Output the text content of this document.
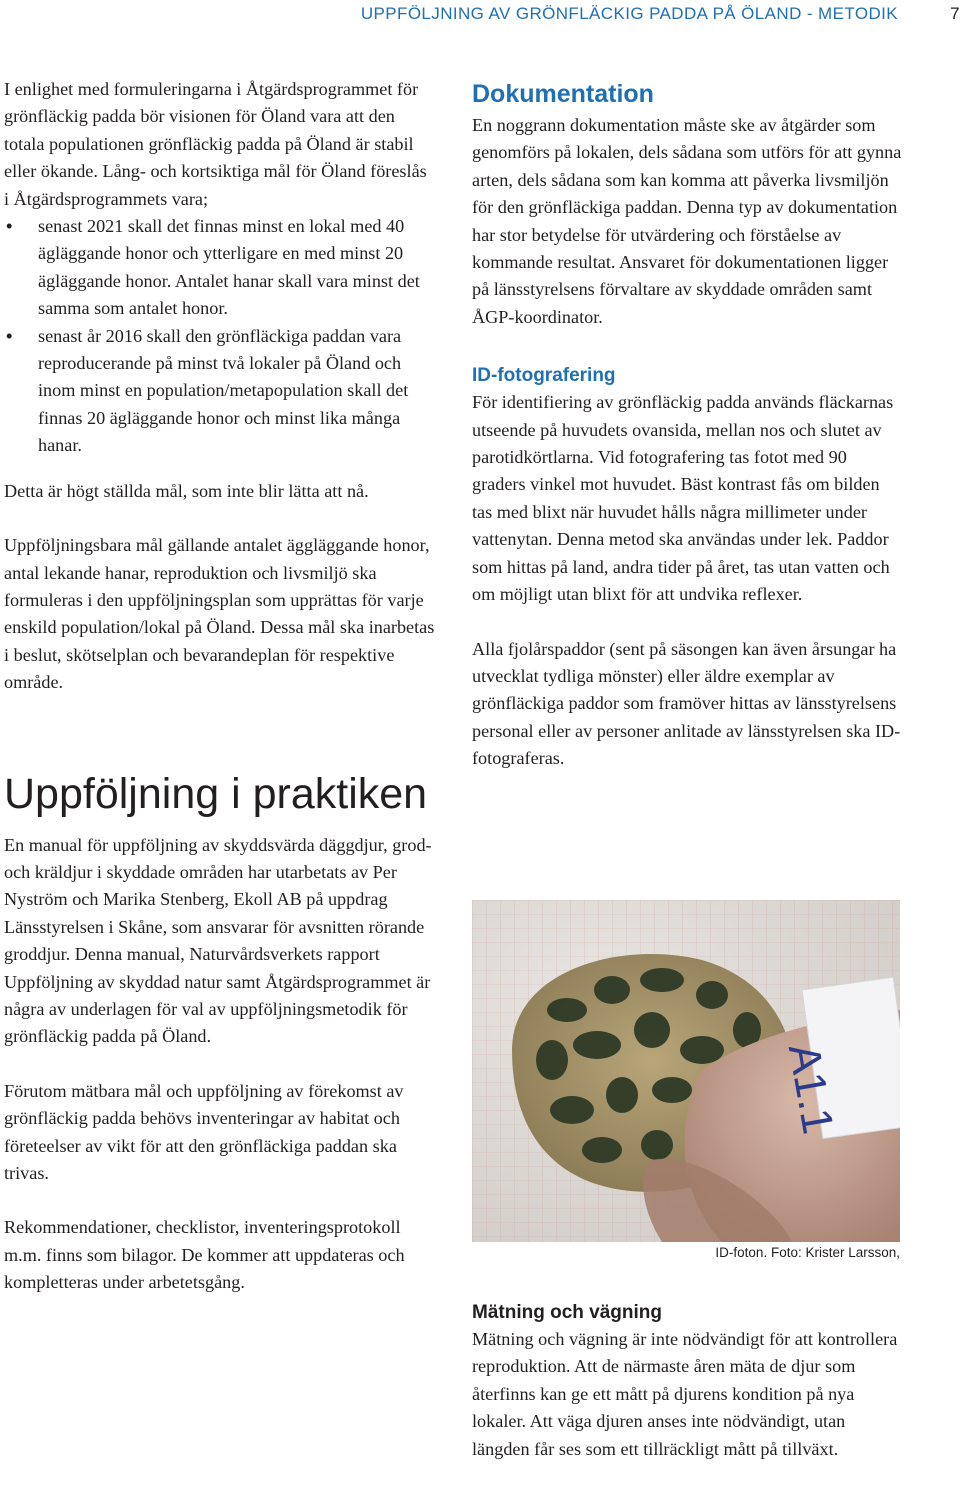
UPPFÖLJNING AV GRÖNFLÄCKIG PADDA PÅ ÖLAND - METODIK	7

I enlighet med formuleringarna i Åtgärdsprogrammet för grönfläckig padda bör visionen för Öland vara att den totala populationen grönfläckig padda på Öland är stabil eller ökande. Lång- och kortsiktiga mål för Öland föreslås i Åtgärdsprogrammets vara;

• senast 2021 skall det finnas minst en lokal med 40 ägläggande honor och ytterligare en med minst 20 ägläggande honor. Antalet hanar skall vara minst det samma som antalet honor.
• senast år 2016 skall den grönfläckiga paddan vara reproducerande på minst två lokaler på Öland och inom minst en population/metapopulation skall det finnas 20 ägläggande honor och minst lika många hanar.

Detta är högt ställda mål, som inte blir lätta att nå.

Uppföljningsbara mål gällande antalet äggläggande honor, antal lekande hanar, reproduktion och livsmiljö ska formuleras i den uppföljningsplan som upprättas för varje enskild population/lokal på Öland. Dessa mål ska inarbetas i beslut, skötselplan och bevarandeplan för respektive område.

Uppföljning i praktiken

En manual för uppföljning av skyddsvärda däggdjur, grod- och kräldjur i skyddade områden har utarbetats av Per Nyström och Marika Stenberg, Ekoll AB på uppdrag Länsstyrelsen i Skåne, som ansvarar för avsnitten rörande groddjur. Denna manual, Naturvårdsverkets rapport Uppföljning av skyddad natur samt Åtgärdsprogrammet är några av underlagen för val av uppföljningsmetodik för grönfläckig padda på Öland.

Förutom mätbara mål och uppföljning av förekomst av grönfläckig padda behövs inventeringar av habitat och företeelser av vikt för att den grönfläckiga paddan ska trivas.

Rekommendationer, checklistor, inventeringsprotokoll m.m. finns som bilagor. De kommer att uppdateras och kompletteras under arbetetsgång.

Dokumentation

En noggrann dokumentation måste ske av åtgärder som genomförs på lokalen, dels sådana som utförs för att gynna arten, dels sådana som kan komma att påverka livsmiljön för den grönfläckiga paddan. Denna typ av dokumentation har stor betydelse för utvärdering och förståelse av kommande resultat. Ansvaret för dokumentationen ligger på länsstyrelsens förvaltare av skyddade områden samt ÅGP-koordinator.

ID-fotografering

För identifiering av grönfläckig padda används fläckarnas utseende på huvudets ovansida, mellan nos och slutet av parotidkörtlarna. Vid fotografering tas fotot med 90 graders vinkel mot huvudet. Bäst kontrast fås om bilden tas med blixt när huvudet hålls några millimeter under vattenytan. Denna metod ska användas under lek. Paddor som hittas på land, andra tider på året, tas utan vatten och om möjligt utan blixt för att undvika reflexer.

Alla fjolårspaddor (sent på säsongen kan även årsungar ha utvecklat tydliga mönster) eller äldre exemplar av grönfläckiga paddor som framöver hittas av länsstyrelsens personal eller av personer anlitade av länsstyrelsen ska ID-fotograferas.

A1.1
ID-foton. Foto: Krister Larsson,
Mätning och vägning

Mätning och vägning är inte nödvändigt för att kontrollera reproduktion. Att de närmaste åren mäta de djur som återfinns kan ge ett mått på djurens kondition på nya lokaler. Att väga djuren anses inte nödvändigt, utan längden får ses som ett tillräckligt mått på tillväxt.
